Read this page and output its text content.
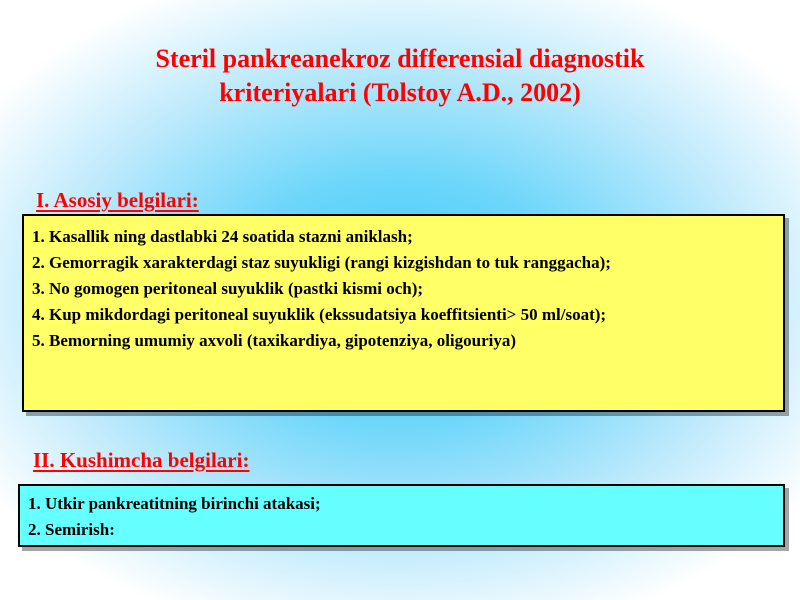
Steril pankreanekroz differensial diagnostik
kriteriyalari (Tolstoy A.D., 2002)
I. Asosiy belgilari:
1. Kasallik ning dastlabki 24 soatida stazni aniklash;
2. Gemorragik xarakterdagi staz suyukligi (rangi kizgishdan to tuk ranggacha);
3. No gomogen peritoneal suyuklik (pastki kismi och);
4. Kup mikdordagi peritoneal suyuklik (ekssudatsiya koeffitsienti> 50 ml/soat);
5. Bemorning umumiy axvoli (taxikardiya, gipotenziya, oligouriya)
II. Kushimcha belgilari:
1. Utkir pankreatitning birinchi atakasi;
2. Semirish:
